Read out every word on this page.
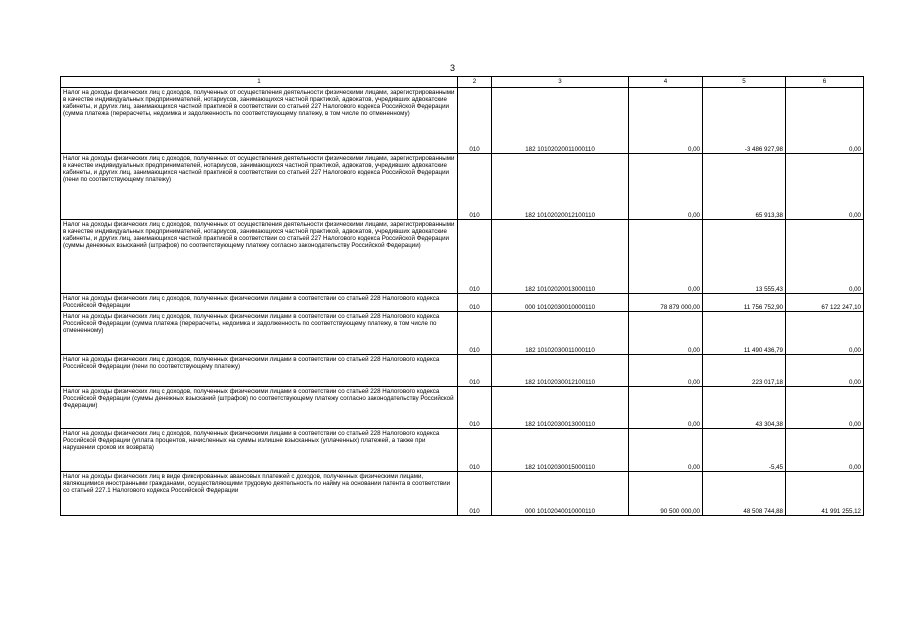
3
1	2	3	4	5	6
Налог на доходы физических лиц с доходов, полученных от осуществления деятельности физическими лицами, зарегистрированными в качестве индивидуальных предпринимателей, нотариусов, занимающихся частной практикой, адвокатов, учредивших адвокатские кабинеты, и других лиц, занимающихся частной практикой в соответствии со статьей 227 Налогового кодекса Российской Федерации (сумма платежа (перерасчеты, недоимка и задолженность по соответствующему платежу, в том числе по отмененному)	010	182 10102020011000110	0,00	-3 486 927,98	0,00
Налог на доходы физических лиц с доходов, полученных от осуществления деятельности физическими лицами, зарегистрированными в качестве индивидуальных предпринимателей, нотариусов, занимающихся частной практикой, адвокатов, учредивших адвокатские кабинеты, и других лиц, занимающихся частной практикой в соответствии со статьей 227 Налогового кодекса Российской Федерации (пени по соответствующему платежу)	010	182 10102020012100110	0,00	65 913,38	0,00
Налог на доходы физических лиц с доходов, полученных от осуществления деятельности физическими лицами, зарегистрированными в качестве индивидуальных предпринимателей, нотариусов, занимающихся частной практикой, адвокатов, учредивших адвокатские кабинеты, и других лиц, занимающихся частной практикой в соответствии со статьей 227 Налогового кодекса Российской Федерации (суммы денежных взысканий (штрафов) по соответствующему платежу согласно законодательству Российской Федерации)	010	182 10102020013000110	0,00	13 555,43	0,00
Налог на доходы физических лиц с доходов, полученных физическими лицами в соответствии со статьей 228 Налогового кодекса Российской Федерации	010	000 10102030010000110	78 879 000,00	11 756 752,90	67 122 247,10
Налог на доходы физических лиц с доходов, полученных физическими лицами в соответствии со статьей 228 Налогового кодекса Российской Федерации (сумма платежа (перерасчеты, недоимка и задолженность по соответствующему платежу, в том числе по отмененному)	010	182 10102030011000110	0,00	11 490 436,79	0,00
Налог на доходы физических лиц с доходов, полученных физическими лицами в соответствии со статьей 228 Налогового кодекса Российской Федерации (пени по соответствующему платежу)	010	182 10102030012100110	0,00	223 017,18	0,00
Налог на доходы физических лиц с доходов, полученных физическими лицами в соответствии со статьей 228 Налогового кодекса Российской Федерации (суммы денежных взысканий (штрафов) по соответствующему платежу согласно законодательству Российской Федерации)	010	182 10102030013000110	0,00	43 304,38	0,00
Налог на доходы физических лиц с доходов, полученных физическими лицами в соответствии со статьей 228 Налогового кодекса Российской Федерации (уплата процентов, начисленных на суммы излишне взысканных (уплаченных) платежей, а также при нарушении сроков их возврата)	010	182 10102030015000110	0,00	-5,45	0,00
Налог на доходы физических лиц в виде фиксированных авансовых платежей с доходов, полученных физическими лицами, являющимися иностранными гражданами, осуществляющими трудовую деятельность по найму на основании патента в соответствии со статьей 227.1 Налогового кодекса Российской Федерации	010	000 10102040010000110	90 500 000,00	48 508 744,88	41 991 255,12
